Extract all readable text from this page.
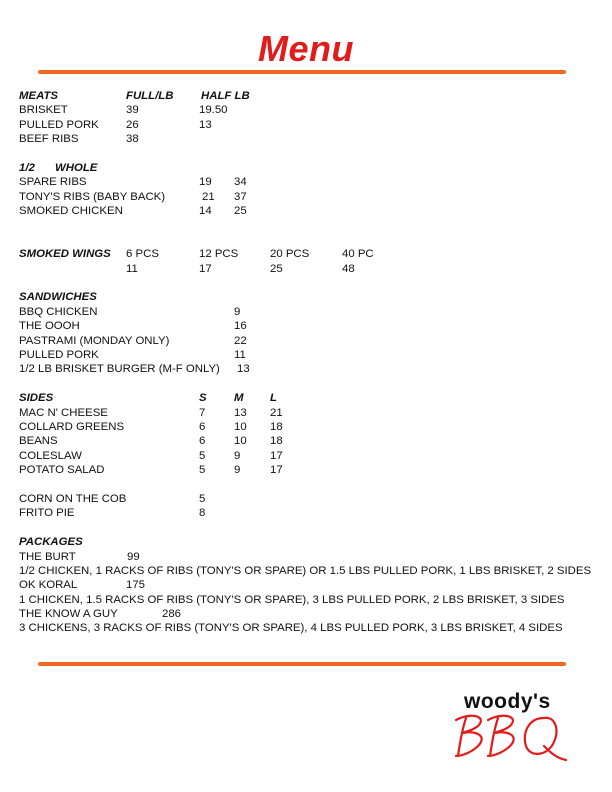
Menu
MEATS	FULL/LB HALF LB
BRISKET	39	19.50
PULLED PORK 26	13
BEEF RIBS	38
1/2 WHOLE
SPARE RIBS	19 34
TONY'S RIBS (BABY BACK)	21 37
SMOKED CHICKEN	14 25
SMOKED WINGS 6 PCS	12 PCS	20 PCS	40 PC
11	17	25	48
SANDWICHES
BBQ CHICKEN	9
THE OOOH	16
PASTRAMI (MONDAY ONLY)	22
PULLED PORK	11
1/2 LB BRISKET BURGER (M-F ONLY) 13
SIDES	S M L
MAC N' CHEESE	7	13 21
COLLARD GREENS	6	10 18
BEANS	6	10 18
COLESLAW	5	9	17
POTATO SALAD	5	9	17
CORN ON THE COB	5
FRITO PIE	8
PACKAGES
THE BURT	99
1/2 CHICKEN, 1 RACKS OF RIBS (TONY'S OR SPARE) OR 1.5 LBS PULLED PORK, 1 LBS BRISKET, 2 SIDES
OK KORAL	175
1 CHICKEN, 1.5 RACKS OF RIBS (TONY'S OR SPARE), 3 LBS PULLED PORK, 2 LBS BRISKET, 3 SIDES
THE KNOW A GUY	286
3 CHICKENS, 3 RACKS OF RIBS (TONY'S OR SPARE), 4 LBS PULLED PORK, 3 LBS BRISKET, 4 SIDES
woody's
